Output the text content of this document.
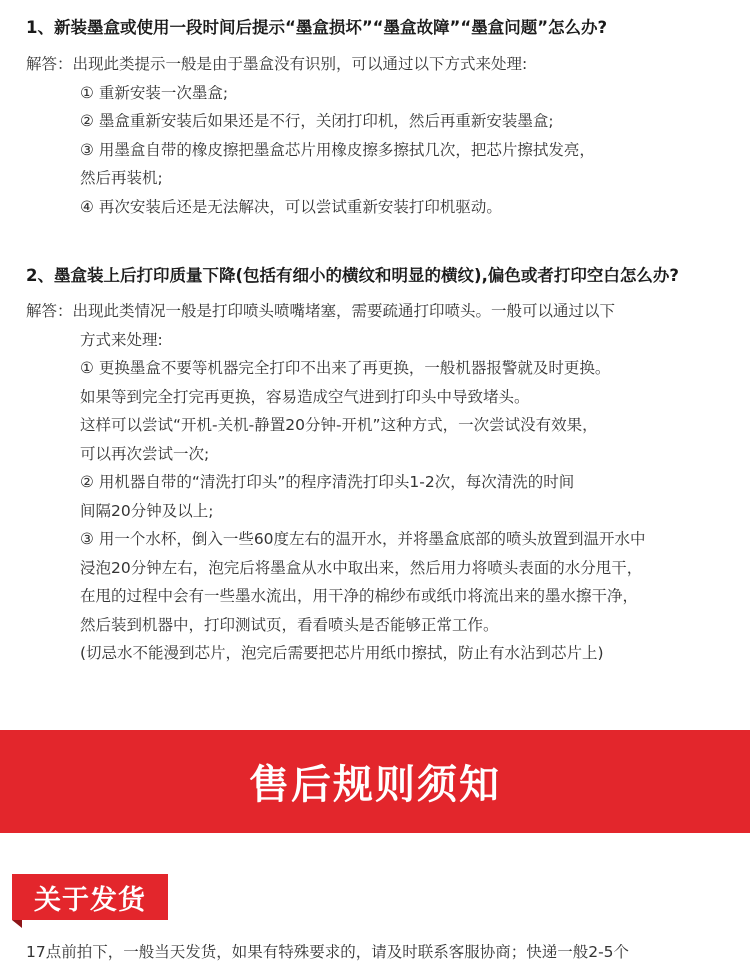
1、新装墨盒或使用一段时间后提示“墨盒损坏”“墨盒故障”“墨盒问题”怎么办?
解答：出现此类提示一般是由于墨盒没有识别，可以通过以下方式来处理:
① 重新安装一次墨盒;
② 墨盒重新安装后如果还是不行，关闭打印机，然后再重新安装墨盒;
③ 用墨盒自带的橡皮擦把墨盒芯片用橡皮擦多擦拭几次，把芯片擦拭发亮，
然后再装机;
④ 再次安装后还是无法解决，可以尝试重新安装打印机驱动。
2、墨盒装上后打印质量下降(包括有细小的横纹和明显的横纹),偏色或者打印空白怎么办?
解答：出现此类情况一般是打印喷头喷嘴堵塞，需要疏通打印喷头。一般可以通过以下
方式来处理:
① 更换墨盒不要等机器完全打印不出来了再更换，一般机器报警就及时更换。
如果等到完全打完再更换，容易造成空气进到打印头中导致堵头。
这样可以尝试“开机-关机-静置20分钟-开机”这种方式，一次尝试没有效果，
可以再次尝试一次;
② 用机器自带的“清洗打印头”的程序清洗打印头1-2次，每次清洗的时间
间隔20分钟及以上;
③ 用一个水杯，倒入一些60度左右的温开水，并将墨盒底部的喷头放置到温开水中
浸泡20分钟左右，泡完后将墨盒从水中取出来，然后用力将喷头表面的水分甩干，
在甩的过程中会有一些墨水流出，用干净的棉纱布或纸巾将流出来的墨水擦干净，
然后装到机器中，打印测试页，看看喷头是否能够正常工作。
(切忌水不能漫到芯片，泡完后需要把芯片用纸巾擦拭，防止有水沾到芯片上)
售后规则须知
关于发货
17点前拍下，一般当天发货，如果有特殊要求的，请及时联系客服协商；快递一般2-5个
